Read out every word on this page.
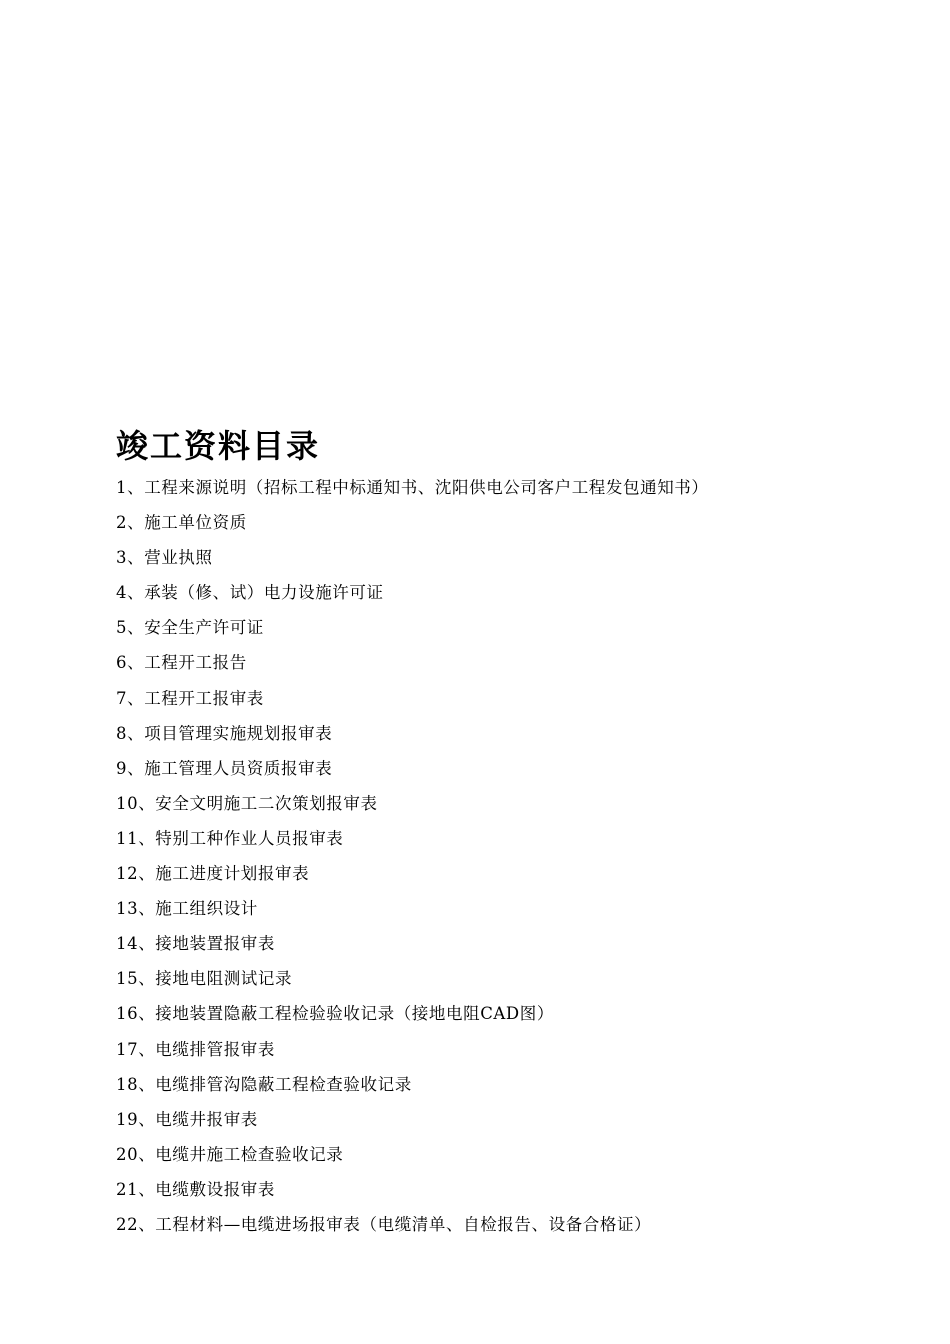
竣工资料目录
1、工程来源说明（招标工程中标通知书、沈阳供电公司客户工程发包通知书）
2、施工单位资质
3、营业执照
4、承装（修、试）电力设施许可证
5、安全生产许可证
6、工程开工报告
7、工程开工报审表
8、项目管理实施规划报审表
9、施工管理人员资质报审表
10、安全文明施工二次策划报审表
11、特别工种作业人员报审表
12、施工进度计划报审表
13、施工组织设计
14、接地装置报审表
15、接地电阻测试记录
16、接地装置隐蔽工程检验验收记录（接地电阻CAD图）
17、电缆排管报审表
18、电缆排管沟隐蔽工程检查验收记录
19、电缆井报审表
20、电缆井施工检查验收记录
21、电缆敷设报审表
22、工程材料—电缆进场报审表（电缆清单、自检报告、设备合格证）
